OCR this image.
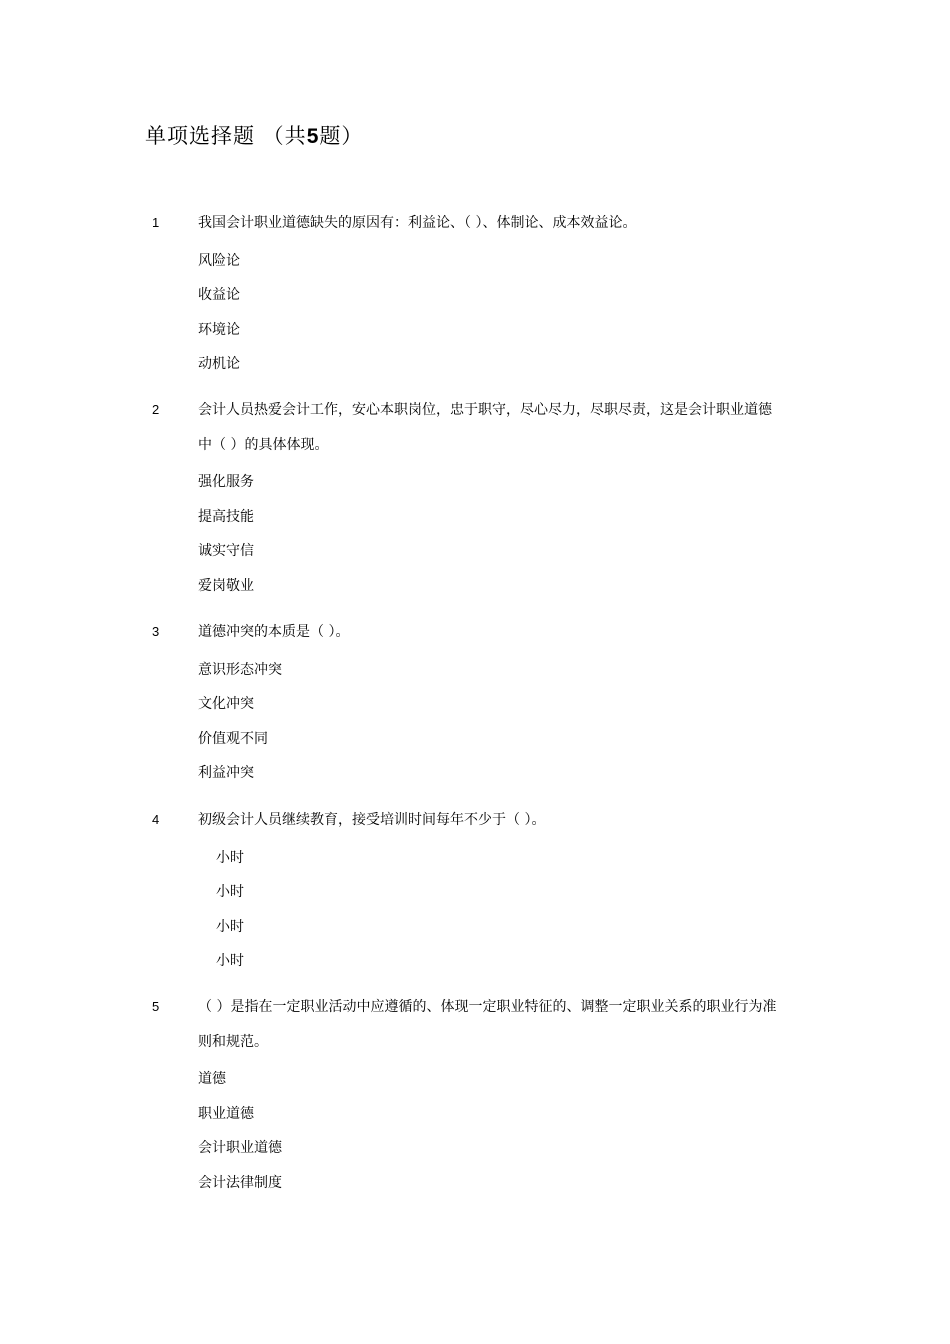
单项选择题 （共5题）
1	我国会计职业道德缺失的原因有：利益论、（ ）、体制论、成本效益论。
风险论
收益论
环境论
动机论
2	会计人员热爱会计工作，安心本职岗位，忠于职守，尽心尽力，尽职尽责，这是会计职业道德中（ ）的具体体现。
强化服务
提高技能
诚实守信
爱岗敬业
3	道德冲突的本质是（ ）。
意识形态冲突
文化冲突
价值观不同
利益冲突
4	初级会计人员继续教育，接受培训时间每年不少于（ ）。
小时
小时
小时
小时
5	（ ）是指在一定职业活动中应遵循的、体现一定职业特征的、调整一定职业关系的职业行为准则和规范。
道德
职业道德
会计职业道德
会计法律制度
